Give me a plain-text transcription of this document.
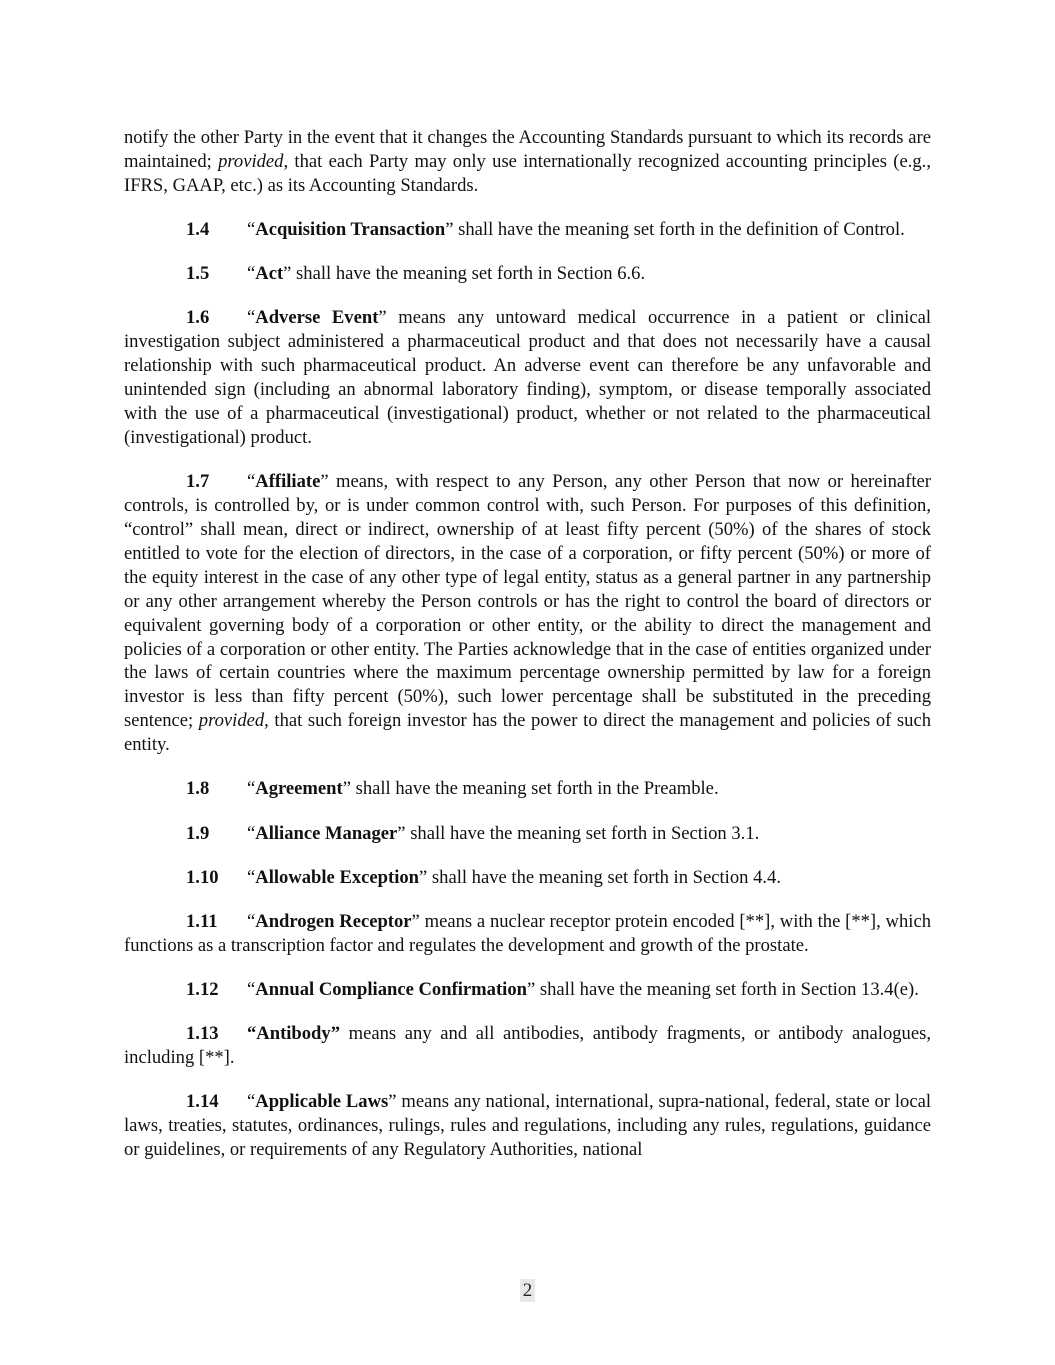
notify the other Party in the event that it changes the Accounting Standards pursuant to which its records are maintained; provided, that each Party may only use internationally recognized accounting principles (e.g., IFRS, GAAP, etc.) as its Accounting Standards.

1.4 “Acquisition Transaction” shall have the meaning set forth in the definition of Control.

1.5 “Act” shall have the meaning set forth in Section 6.6.

1.6 “Adverse Event” means any untoward medical occurrence in a patient or clinical investigation subject administered a pharmaceutical product and that does not necessarily have a causal relationship with such pharmaceutical product. An adverse event can therefore be any unfavorable and unintended sign (including an abnormal laboratory finding), symptom, or disease temporally associated with the use of a pharmaceutical (investigational) product, whether or not related to the pharmaceutical (investigational) product.

1.7 “Affiliate” means, with respect to any Person, any other Person that now or hereinafter controls, is controlled by, or is under common control with, such Person. For purposes of this definition, “control” shall mean, direct or indirect, ownership of at least fifty percent (50%) of the shares of stock entitled to vote for the election of directors, in the case of a corporation, or fifty percent (50%) or more of the equity interest in the case of any other type of legal entity, status as a general partner in any partnership or any other arrangement whereby the Person controls or has the right to control the board of directors or equivalent governing body of a corporation or other entity, or the ability to direct the management and policies of a corporation or other entity. The Parties acknowledge that in the case of entities organized under the laws of certain countries where the maximum percentage ownership permitted by law for a foreign investor is less than fifty percent (50%), such lower percentage shall be substituted in the preceding sentence; provided, that such foreign investor has the power to direct the management and policies of such entity.

1.8 “Agreement” shall have the meaning set forth in the Preamble.

1.9 “Alliance Manager” shall have the meaning set forth in Section 3.1.

1.10 “Allowable Exception” shall have the meaning set forth in Section 4.4.

1.11 “Androgen Receptor” means a nuclear receptor protein encoded [**], with the [**], which functions as a transcription factor and regulates the development and growth of the prostate.

1.12 “Annual Compliance Confirmation” shall have the meaning set forth in Section 13.4(e).

1.13 “Antibody” means any and all antibodies, antibody fragments, or antibody analogues, including [**].

1.14 “Applicable Laws” means any national, international, supra-national, federal, state or local laws, treaties, statutes, ordinances, rulings, rules and regulations, including any rules, regulations, guidance or guidelines, or requirements of any Regulatory Authorities, national

2
